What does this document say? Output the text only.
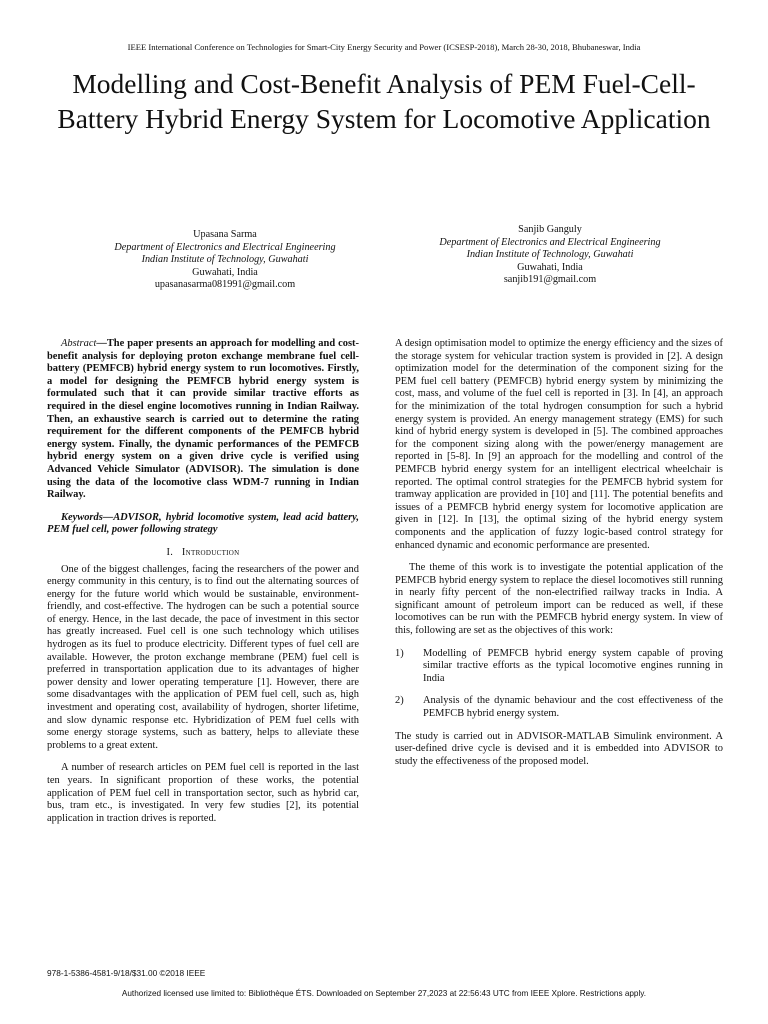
IEEE International Conference on Technologies for Smart-City Energy Security and Power (ICSESP-2018), March 28-30, 2018, Bhubaneswar, India
Modelling and Cost-Benefit Analysis of PEM Fuel-Cell-Battery Hybrid Energy System for Locomotive Application
Upasana Sarma
Department of Electronics and Electrical Engineering
Indian Institute of Technology, Guwahati
Guwahati, India
upasanasarma081991@gmail.com
Sanjib Ganguly
Department of Electronics and Electrical Engineering
Indian Institute of Technology, Guwahati
Guwahati, India
sanjib191@gmail.com

Abstract—The paper presents an approach for modelling and cost-benefit analysis for deploying proton exchange membrane fuel cell-battery (PEMFCB) hybrid energy system to run locomotives. Firstly, a model for designing the PEMFCB hybrid energy system is formulated such that it can provide similar tractive efforts as required in the diesel engine locomotives running in Indian Railway. Then, an exhaustive search is carried out to determine the rating requirement for the different components of the PEMFCB hybrid energy system. Finally, the dynamic performances of the PEMFCB hybrid energy system on a given drive cycle is verified using Advanced Vehicle Simulator (ADVISOR). The simulation is done using the data of the locomotive class WDM-7 running in Indian Railway.

Keywords—ADVISOR, hybrid locomotive system, lead acid battery, PEM fuel cell, power following strategy

I. Introduction

One of the biggest challenges, facing the researchers of the power and energy community in this century, is to find out the alternating sources of energy for the future world which would be sustainable, environment-friendly, and cost-effective. The hydrogen can be such a potential source of energy. Hence, in the last decade, the pace of investment in this sector has greatly increased. Fuel cell is one such technology which utilises hydrogen as its fuel to produce electricity. Different types of fuel cell are available. However, the proton exchange membrane (PEM) fuel cell is preferred in transportation application due to its advantages of higher power density and lower operating temperature [1]. However, there are some disadvantages with the application of PEM fuel cell, such as, high investment and operating cost, availability of hydrogen, shorter lifetime, and slow dynamic response etc. Hybridization of PEM fuel cells with some energy storage systems, such as battery, helps to alleviate these problems to a great extent.

A number of research articles on PEM fuel cell is reported in the last ten years. In significant proportion of these works, the potential application of PEM fuel cell in transportation sector, such as hybrid car, bus, tram etc., is investigated. In very few studies [2], its potential application in traction drives is reported.

A design optimisation model to optimize the energy efficiency and the sizes of the storage system for vehicular traction system is provided in [2]. A design optimization model for the determination of the component sizing for the PEM fuel cell battery (PEMFCB) hybrid energy system by minimizing the cost, mass, and volume of the fuel cell is reported in [3]. In [4], an approach for the minimization of the total hydrogen consumption for such a hybrid energy system is provided. An energy management strategy (EMS) for such kind of hybrid energy system is developed in [5]. The combined approaches for the component sizing along with the power/energy management are reported in [5-8]. In [9] an approach for the modelling and control of the PEMFCB hybrid energy system for an intelligent electrical wheelchair is reported. The optimal control strategies for the PEMFCB hybrid system for tramway application are provided in [10] and [11]. The potential benefits and issues of a PEMFCB hybrid energy system for locomotive application are given in [12]. In [13], the optimal sizing of the hybrid energy system components and the application of fuzzy logic-based control strategy for enhanced dynamic and economic performance are presented.

The theme of this work is to investigate the potential application of the PEMFCB hybrid energy system to replace the diesel locomotives still running in nearly fifty percent of the non-electrified railway tracks in India. A significant amount of petroleum import can be reduced as well, if these locomotives can be run with the PEMFCB hybrid energy system. In view of this, following are set as the objectives of this work:

1) Modelling of PEMFCB hybrid energy system capable of proving similar tractive efforts as the typical locomotive engines running in India
2) Analysis of the dynamic behaviour and the cost effectiveness of the PEMFCB hybrid energy system.

The study is carried out in ADVISOR-MATLAB Simulink environment. A user-defined drive cycle is devised and it is embedded into ADVISOR to study the effectiveness of the proposed model.

978-1-5386-4581-9/18/$31.00 ©2018 IEEE
Authorized licensed use limited to: Bibliothèque ÉTS. Downloaded on September 27,2023 at 22:56:43 UTC from IEEE Xplore. Restrictions apply.
